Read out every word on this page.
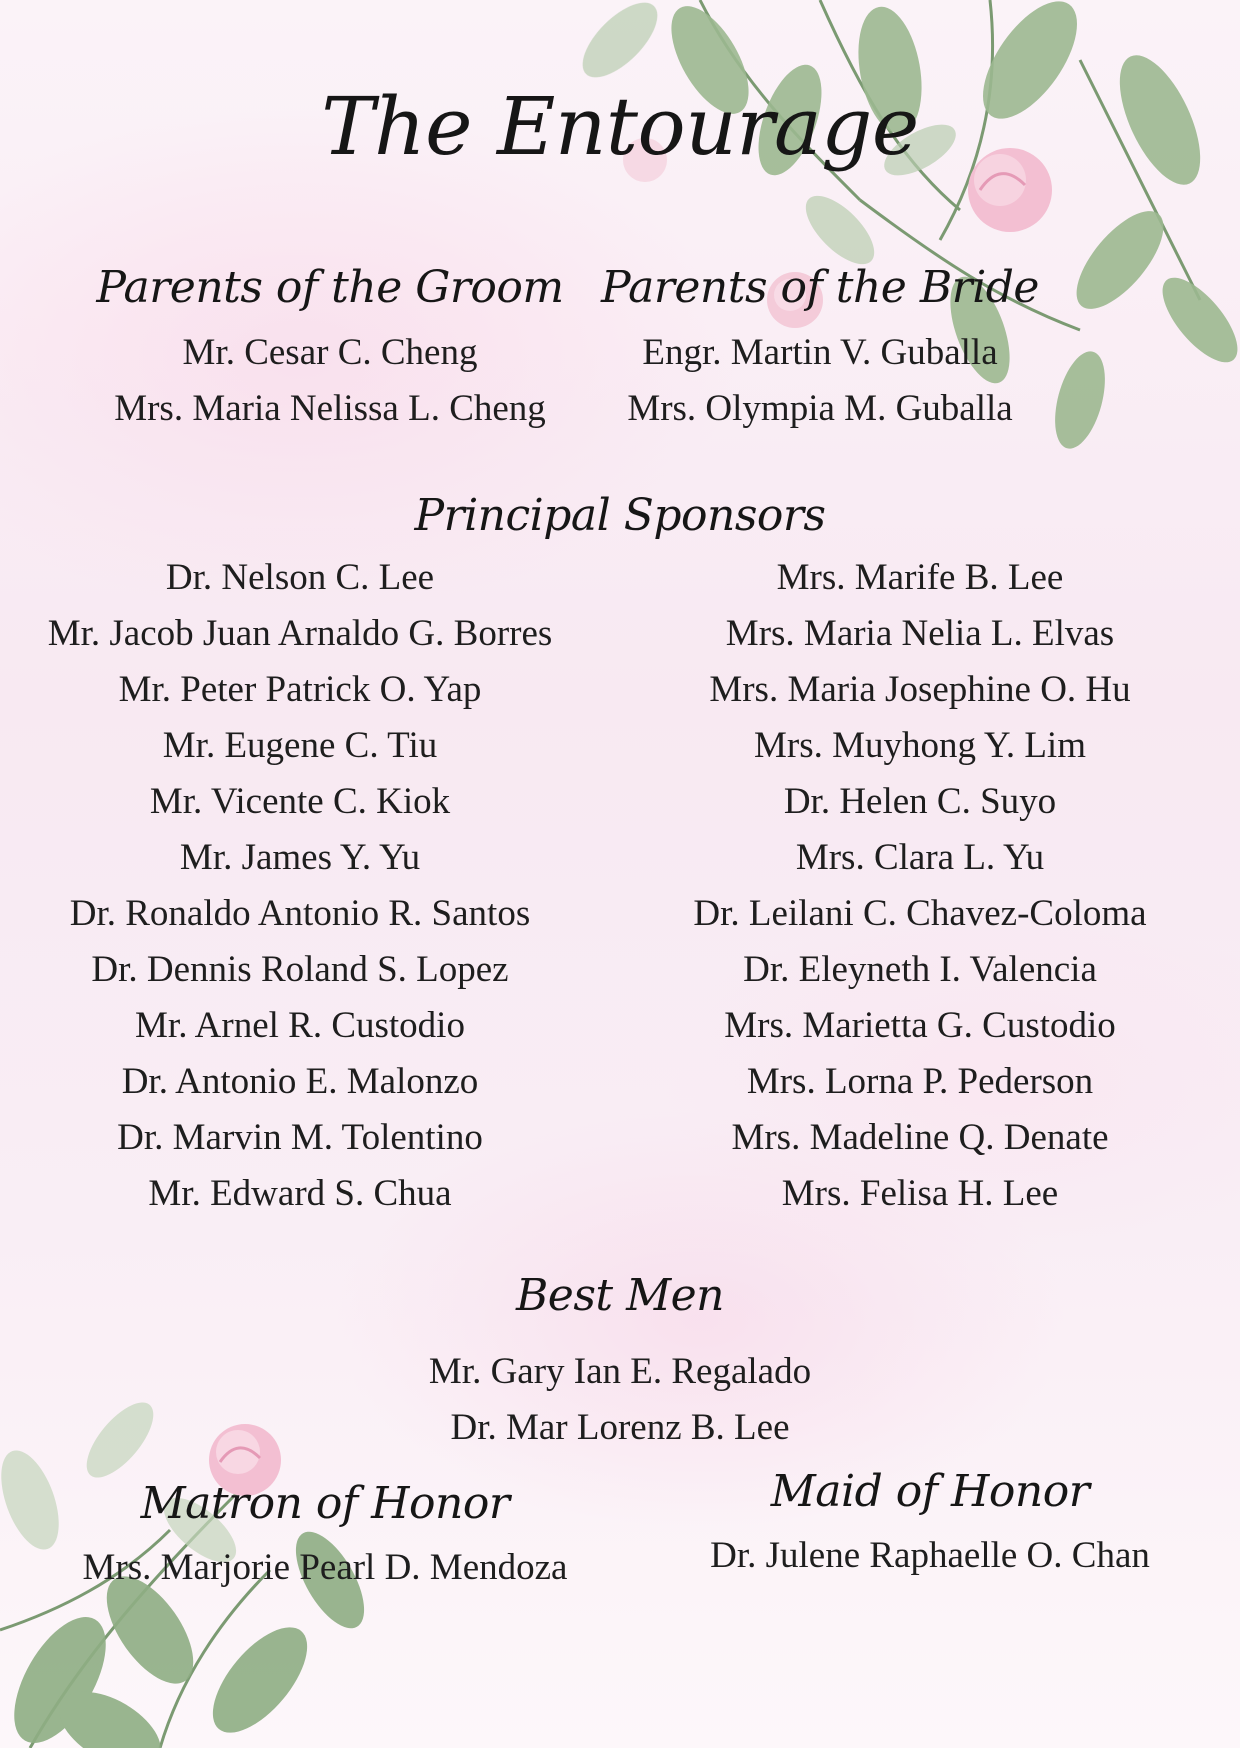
The Entourage
Parents of the Groom
Mr. Cesar C. Cheng
Mrs. Maria Nelissa L. Cheng
Parents of the Bride
Engr. Martin V. Guballa
Mrs. Olympia M. Guballa
Principal Sponsors
Dr. Nelson C. Lee
Mr. Jacob Juan Arnaldo G. Borres
Mr. Peter Patrick O. Yap
Mr. Eugene C. Tiu
Mr. Vicente C. Kiok
Mr. James Y. Yu
Dr. Ronaldo Antonio R. Santos
Dr. Dennis Roland S. Lopez
Mr. Arnel R. Custodio
Dr. Antonio E. Malonzo
Dr. Marvin M. Tolentino
Mr. Edward S. Chua
Mrs. Marife B. Lee
Mrs. Maria Nelia L. Elvas
Mrs. Maria Josephine O. Hu
Mrs. Muyhong Y. Lim
Dr. Helen C. Suyo
Mrs. Clara L. Yu
Dr. Leilani C. Chavez-Coloma
Dr. Eleyneth I. Valencia
Mrs. Marietta G. Custodio
Mrs. Lorna P. Pederson
Mrs. Madeline Q. Denate
Mrs. Felisa H. Lee
Best Men
Mr. Gary Ian E. Regalado
Dr. Mar Lorenz B. Lee
Matron of Honor
Mrs. Marjorie Pearl D. Mendoza
Maid of Honor
Dr. Julene Raphaelle O. Chan
